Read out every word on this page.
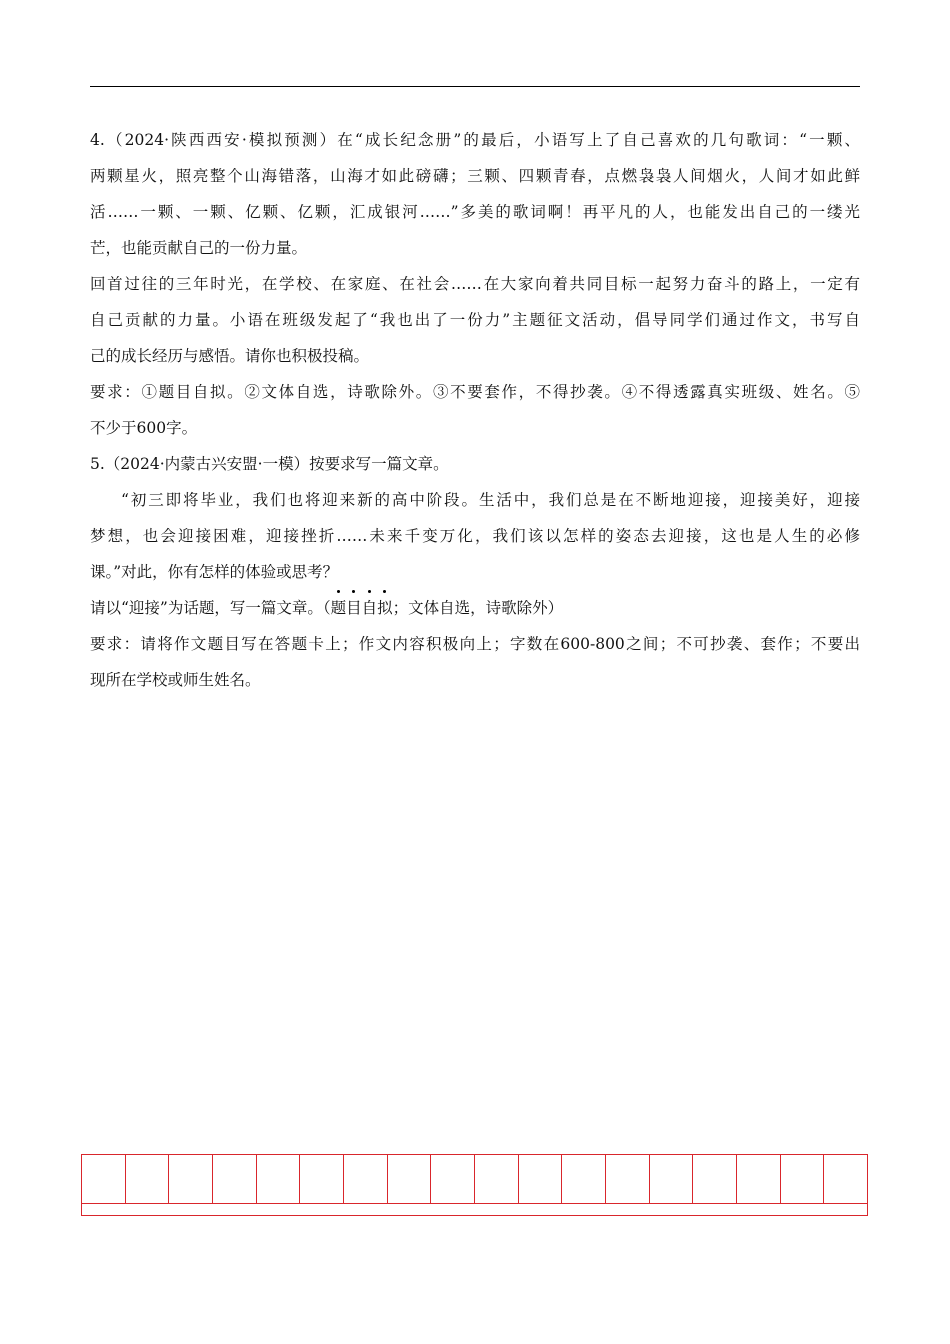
4.（2024·陕西西安·模拟预测）在“成长纪念册”的最后，小语写上了自己喜欢的几句歌词：“一颗、
两颗星火，照亮整个山海错落，山海才如此磅礴；三颗、四颗青春，点燃袅袅人间烟火，人间才如此鲜
活……一颗、一颗、亿颗、亿颗，汇成银河……”多美的歌词啊！再平凡的人，也能发出自己的一缕光
芒，也能贡献自己的一份力量。
回首过往的三年时光，在学校、在家庭、在社会……在大家向着共同目标一起努力奋斗的路上，一定有
自己贡献的力量。小语在班级发起了“我也出了一份力”主题征文活动，倡导同学们通过作文，书写自
己的成长经历与感悟。请你也积极投稿。
要求：①题目自拟。②文体自选，诗歌除外。③不要套作，不得抄袭。④不得透露真实班级、姓名。⑤
不少于600字。
5.（2024·内蒙古兴安盟·一模）按要求写一篇文章。
“初三即将毕业，我们也将迎来新的高中阶段。生活中，我们总是在不断地迎接，迎接美好，迎接
梦想，也会迎接困难，迎接挫折……未来千变万化，我们该以怎样的姿态去迎接，这也是人生的必修
课。”对此，你有怎样的体验或思考？
请以“迎接”为话题，写一篇文章。（题
目
自
拟
；文体自选，诗歌除外）
要求：请将作文题目写在答题卡上；作文内容积极向上；字数在600-800之间；不可抄袭、套作；不要出
现所在学校或师生姓名。
